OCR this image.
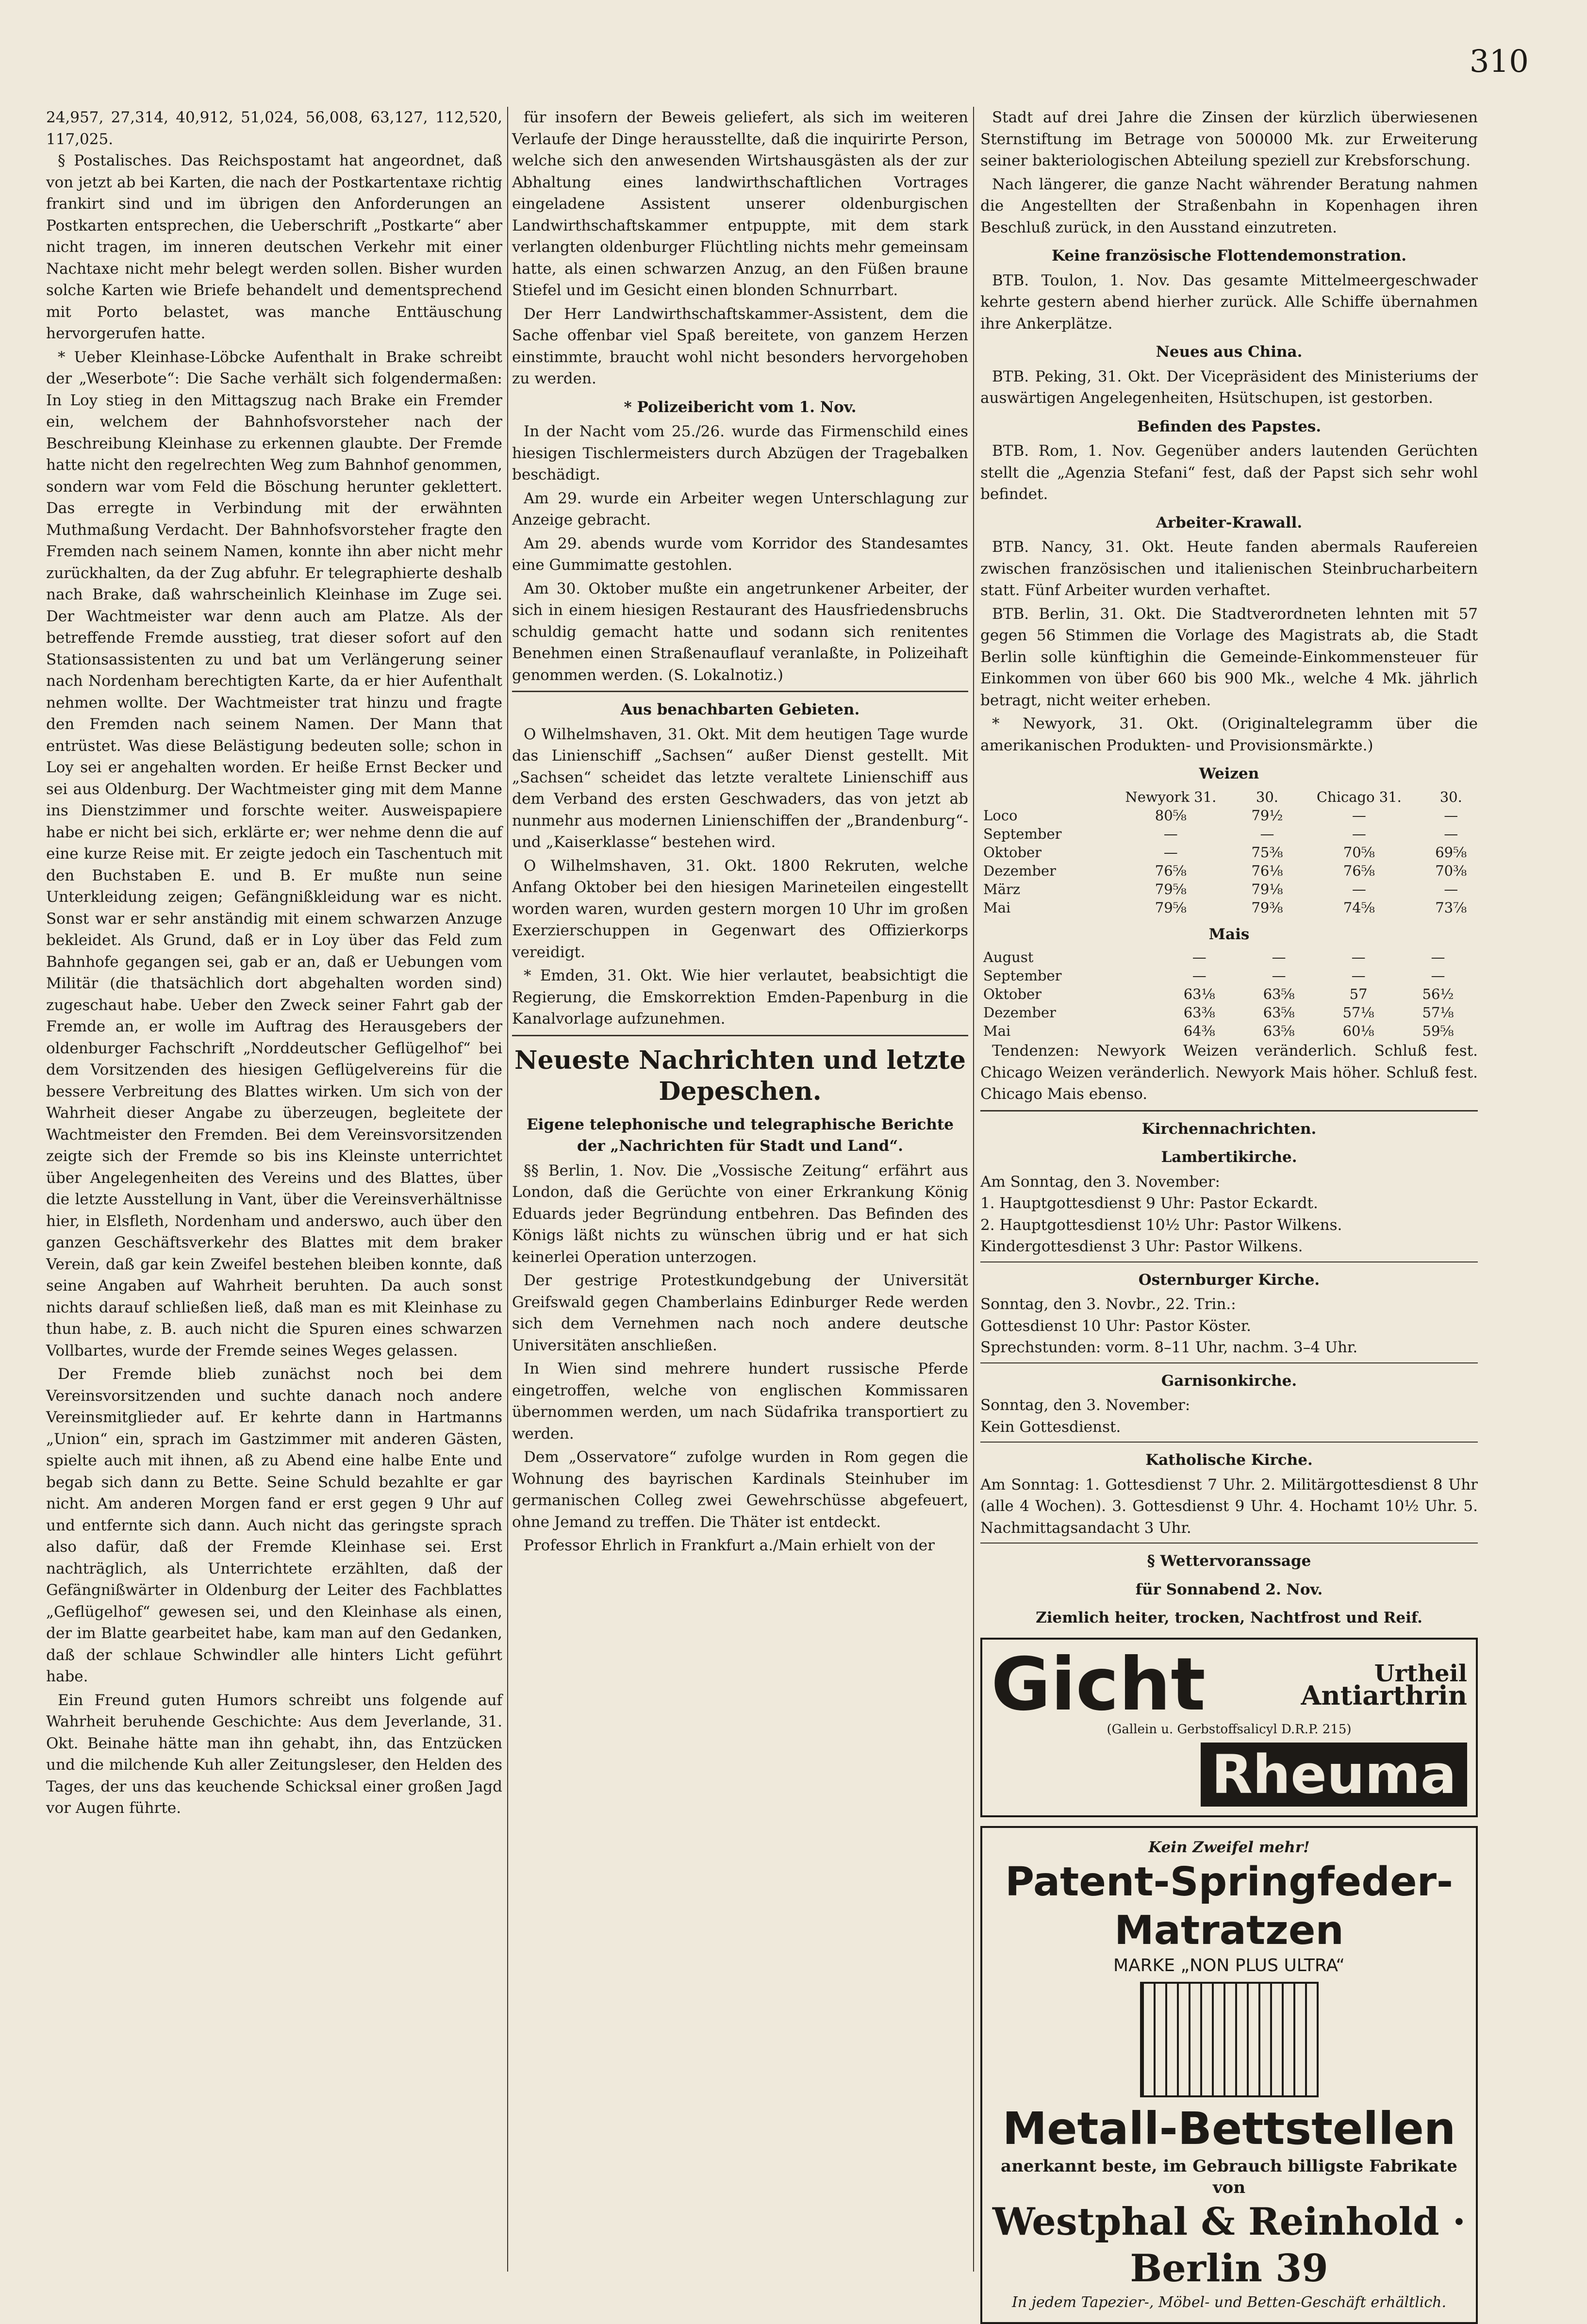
310
24,957, 27,314, 40,912, 51,024, 56,008, 63,127, 112,520, 117,025.

§ Postalisches. Das Reichspostamt hat angeordnet, daß von jetzt ab bei Karten, die nach der Postkartentaxe richtig frankirt sind und im übrigen den Anforderungen an Postkarten entsprechen, die Ueberschrift „Postkarte“ aber nicht tragen, im inneren deutschen Verkehr mit einer Nachtaxe nicht mehr belegt werden sollen. Bisher wurden solche Karten wie Briefe behandelt und dementsprechend mit Porto belastet, was manche Enttäuschung hervorgerufen hatte.

* Ueber Kleinhase-Löbcke Aufenthalt in Brake schreibt der „Weserbote“: Die Sache verhält sich folgendermaßen: In Loy stieg in den Mittagszug nach Brake ein Fremder ein, welchem der Bahnhofsvorsteher nach der Beschreibung Kleinhase zu erkennen glaubte. Der Fremde hatte nicht den regelrechten Weg zum Bahnhof genommen, sondern war vom Feld die Böschung herunter geklettert. Das erregte in Verbindung mit der erwähnten Muthmaßung Verdacht. Der Bahnhofsvorsteher fragte den Fremden nach seinem Namen, konnte ihn aber nicht mehr zurückhalten, da der Zug abfuhr. Er telegraphierte deshalb nach Brake, daß wahrscheinlich Kleinhase im Zuge sei. Der Wachtmeister war denn auch am Platze. Als der betreffende Fremde ausstieg, trat dieser sofort auf den Stationsassistenten zu und bat um Verlängerung seiner nach Nordenham berechtigten Karte, da er hier Aufenthalt nehmen wollte. Der Wachtmeister trat hinzu und fragte den Fremden nach seinem Namen. Der Mann that entrüstet. Was diese Belästigung bedeuten solle; schon in Loy sei er angehalten worden. Er heiße Ernst Becker und sei aus Oldenburg. Der Wachtmeister ging mit dem Manne ins Dienstzimmer und forschte weiter. Ausweispapiere habe er nicht bei sich, erklärte er; wer nehme denn die auf eine kurze Reise mit. Er zeigte jedoch ein Taschentuch mit den Buchstaben E. und B. Er mußte nun seine Unterkleidung zeigen; Gefängnißkleidung war es nicht. Sonst war er sehr anständig mit einem schwarzen Anzuge bekleidet. Als Grund, daß er in Loy über das Feld zum Bahnhofe gegangen sei, gab er an, daß er Uebungen vom Militär (die thatsächlich dort abgehalten worden sind) zugeschaut habe. Ueber den Zweck seiner Fahrt gab der Fremde an, er wolle im Auftrag des Herausgebers der oldenburger Fachschrift „Norddeutscher Geflügelhof“ bei dem Vorsitzenden des hiesigen Geflügelvereins für die bessere Verbreitung des Blattes wirken. Um sich von der Wahrheit dieser Angabe zu überzeugen, begleitete der Wachtmeister den Fremden. Bei dem Vereinsvorsitzenden zeigte sich der Fremde so bis ins Kleinste unterrichtet über Angelegenheiten des Vereins und des Blattes, über die letzte Ausstellung in Vant, über die Vereinsverhältnisse hier, in Elsfleth, Nordenham und anderswo, auch über den ganzen Geschäftsverkehr des Blattes mit dem braker Verein, daß gar kein Zweifel bestehen bleiben konnte, daß seine Angaben auf Wahrheit beruhten. Da auch sonst nichts darauf schließen ließ, daß man es mit Kleinhase zu thun habe, z. B. auch nicht die Spuren eines schwarzen Vollbartes, wurde der Fremde seines Weges gelassen.

Der Fremde blieb zunächst noch bei dem Vereinsvorsitzenden und suchte danach noch andere Vereinsmitglieder auf. Er kehrte dann in Hartmanns „Union“ ein, sprach im Gastzimmer mit anderen Gästen, spielte auch mit ihnen, aß zu Abend eine halbe Ente und begab sich dann zu Bette. Seine Schuld bezahlte er gar nicht. Am anderen Morgen fand er erst gegen 9 Uhr auf und entfernte sich dann. Auch nicht das geringste sprach also dafür, daß der Fremde Kleinhase sei. Erst nachträglich, als Unterrichtete erzählten, daß der Gefängnißwärter in Oldenburg der Leiter des Fachblattes „Geflügelhof“ gewesen sei, und den Kleinhase als einen, der im Blatte gearbeitet habe, kam man auf den Gedanken, daß der schlaue Schwindler alle hinters Licht geführt habe.

Ein Freund guten Humors schreibt uns folgende auf Wahrheit beruhende Geschichte: Aus dem Jeverlande, 31. Okt. Beinahe hätte man ihn gehabt, ihn, das Entzücken und die milchende Kuh aller Zeitungsleser, den Helden des Tages, der uns das keuchende Schicksal einer großen Jagd vor Augen führte.

für insofern der Beweis geliefert, als sich im weiteren Verlaufe der Dinge herausstellte, daß die inquirirte Person, welche sich den anwesenden Wirtshausgästen als der zur Abhaltung eines landwirthschaftlichen Vortrages eingeladene Assistent unserer oldenburgischen Landwirthschaftskammer entpuppte, mit dem stark verlangten oldenburger Flüchtling nichts mehr gemeinsam hatte, als einen schwarzen Anzug, an den Füßen braune Stiefel und im Gesicht einen blonden Schnurrbart.

Der Herr Landwirthschaftskammer-Assistent, dem die Sache offenbar viel Spaß bereitete, von ganzem Herzen einstimmte, braucht wohl nicht besonders hervorgehoben zu werden.

* Polizeibericht vom 1. Nov.

In der Nacht vom 25./26. wurde das Firmenschild eines hiesigen Tischlermeisters durch Abzügen der Tragebalken beschädigt.

Am 29. wurde ein Arbeiter wegen Unterschlagung zur Anzeige gebracht.

Am 29. abends wurde vom Korridor des Standesamtes eine Gummimatte gestohlen.

Am 30. Oktober mußte ein angetrunkener Arbeiter, der sich in einem hiesigen Restaurant des Hausfriedensbruchs schuldig gemacht hatte und sodann sich renitentes Benehmen einen Straßenauflauf veranlaßte, in Polizeihaft genommen werden. (S. Lokalnotiz.)

Aus benachbarten Gebieten.

O Wilhelmshaven, 31. Okt. Mit dem heutigen Tage wurde das Linienschiff „Sachsen“ außer Dienst gestellt. Mit „Sachsen“ scheidet das letzte veraltete Linienschiff aus dem Verband des ersten Geschwaders, das von jetzt ab nunmehr aus modernen Linienschiffen der „Brandenburg“- und „Kaiserklasse“ bestehen wird.

O Wilhelmshaven, 31. Okt. 1800 Rekruten, welche Anfang Oktober bei den hiesigen Marineteilen eingestellt worden waren, wurden gestern morgen 10 Uhr im großen Exerzierschuppen in Gegenwart des Offizierkorps vereidigt.

* Emden, 31. Okt. Wie hier verlautet, beabsichtigt die Regierung, die Emskorrektion Emden-Papenburg in die Kanalvorlage aufzunehmen.

Neueste Nachrichten und letzte Depeschen.
Eigene telephonische und telegraphische Berichte der „Nachrichten für Stadt und Land“.

§§ Berlin, 1. Nov. Die „Vossische Zeitung“ erfährt aus London, daß die Gerüchte von einer Erkrankung König Eduards jeder Begründung entbehren. Das Befinden des Königs läßt nichts zu wünschen übrig und er hat sich keinerlei Operation unterzogen.

Der gestrige Protestkundgebung der Universität Greifswald gegen Chamberlains Edinburger Rede werden sich dem Vernehmen nach noch andere deutsche Universitäten anschließen.

In Wien sind mehrere hundert russische Pferde eingetroffen, welche von englischen Kommissaren übernommen werden, um nach Südafrika transportiert zu werden.

Dem „Osservatore“ zufolge wurden in Rom gegen die Wohnung des bayrischen Kardinals Steinhuber im germanischen Colleg zwei Gewehrschüsse abgefeuert, ohne Jemand zu treffen. Die Thäter ist entdeckt.

Professor Ehrlich in Frankfurt a./Main erhielt von der

Stadt auf drei Jahre die Zinsen der kürzlich überwiesenen Sternstiftung im Betrage von 500000 Mk. zur Erweiterung seiner bakteriologischen Abteilung speziell zur Krebsforschung.

Nach längerer, die ganze Nacht währender Beratung nahmen die Angestellten der Straßenbahn in Kopenhagen ihren Beschluß zurück, in den Ausstand einzutreten.

Keine französische Flottendemonstration.

BTB. Toulon, 1. Nov. Das gesamte Mittelmeergeschwader kehrte gestern abend hierher zurück. Alle Schiffe übernahmen ihre Ankerplätze.

Neues aus China.

BTB. Peking, 31. Okt. Der Vicepräsident des Ministeriums der auswärtigen Angelegenheiten, Hsütschupen, ist gestorben.

Befinden des Papstes.

BTB. Rom, 1. Nov. Gegenüber anders lautenden Gerüchten stellt die „Agenzia Stefani“ fest, daß der Papst sich sehr wohl befindet.

Arbeiter-Krawall.

BTB. Nancy, 31. Okt. Heute fanden abermals Raufereien zwischen französischen und italienischen Steinbrucharbeitern statt. Fünf Arbeiter wurden verhaftet.

BTB. Berlin, 31. Okt. Die Stadtverordneten lehnten mit 57 gegen 56 Stimmen die Vorlage des Magistrats ab, die Stadt Berlin solle künftighin die Gemeinde-Einkommensteuer für Einkommen von über 660 bis 900 Mk., welche 4 Mk. jährlich betragt, nicht weiter erheben.

* Newyork, 31. Okt. (Originaltelegramm über die amerikanischen Produkten- und Provisionsmärkte.)

Weizen
	Newyork 31.	30.	Chicago 31.	30.
Loco	80⅝	79½	—	—
September	—	—	—	—
Oktober	—	75⅜	70⅝	69⅝
Dezember	76⅝	76⅛	76⅝	70⅜
März	79⅝	79⅛	—	—
Mai	79⅝	79⅜	74⅝	73⅞
Mais
August	—	—	—	—
September	—	—	—	—
Oktober	63⅛	63⅝	57	56½
Dezember	63⅜	63⅝	57⅛	57⅛
Mai	64⅜	63⅝	60⅛	59⅝

Tendenzen: Newyork Weizen veränderlich. Schluß fest. Chicago Weizen veränderlich. Newyork Mais höher. Schluß fest. Chicago Mais ebenso.

Kirchennachrichten.
Lambertikirche.
Am Sonntag, den 3. November:
1. Hauptgottesdienst 9 Uhr: Pastor Eckardt.
2. Hauptgottesdienst 10½ Uhr: Pastor Wilkens.
Kindergottesdienst 3 Uhr: Pastor Wilkens.
Osternburger Kirche.
Sonntag, den 3. Novbr., 22. Trin.:
Gottesdienst 10 Uhr: Pastor Köster.
Sprechstunden: vorm. 8–11 Uhr, nachm. 3–4 Uhr.
Garnisonkirche.
Sonntag, den 3. November:
Kein Gottesdienst.
Katholische Kirche.
Am Sonntag: 1. Gottesdienst 7 Uhr. 2. Militärgottesdienst 8 Uhr (alle 4 Wochen). 3. Gottesdienst 9 Uhr. 4. Hochamt 10½ Uhr. 5. Nachmittagsandacht 3 Uhr.
§ Wettervoranssage
für Sonnabend 2. Nov.
Ziemlich heiter, trocken, Nachtfrost und Reif.
Gicht	Urtheil
Antiarthrin
(Gallein u. Gerbstoffsalicyl D.R.P. 215)
Rheuma
Kein Zweifel mehr!
Patent-Springfeder-Matratzen
MARKE „NON PLUS ULTRA“
Metall-Bettstellen
anerkannt beste, im Gebrauch billigste Fabrikate von
Westphal & Reinhold · Berlin 39
In jedem Tapezier-, Möbel- und Betten-Geschäft erhältlich.
